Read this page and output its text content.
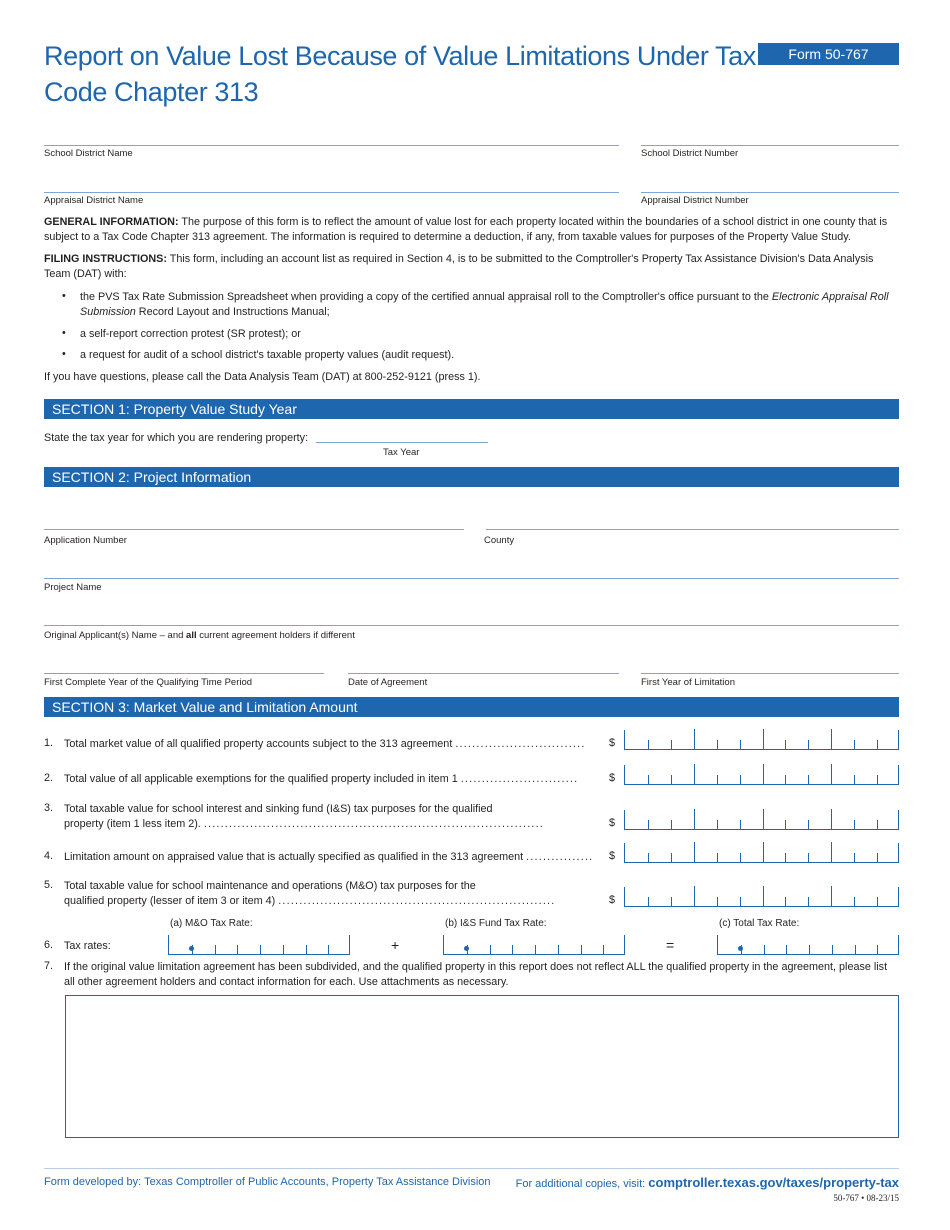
Report on Value Lost Because of Value Limitations Under Tax Code Chapter 313
Form 50-767
School District Name	School District Number
Appraisal District Name	Appraisal District Number
GENERAL INFORMATION: The purpose of this form is to reflect the amount of value lost for each property located within the boundaries of a school district in one county that is subject to a Tax Code Chapter 313 agreement. The information is required to determine a deduction, if any, from taxable values for purposes of the Property Value Study.
FILING INSTRUCTIONS: This form, including an account list as required in Section 4, is to be submitted to the Comptroller's Property Tax Assistance Division's Data Analysis Team (DAT) with:
• the PVS Tax Rate Submission Spreadsheet when providing a copy of the certified annual appraisal roll to the Comptroller's office pursuant to the Electronic Appraisal Roll Submission Record Layout and Instructions Manual;
• a self-report correction protest (SR protest); or
• a request for audit of a school district's taxable property values (audit request).
If you have questions, please call the Data Analysis Team (DAT) at 800-252-9121 (press 1).
SECTION 1: Property Value Study Year
State the tax year for which you are rendering property:
Tax Year
SECTION 2: Project Information
Application Number	County
Project Name
Original Applicant(s) Name – and all current agreement holders if different
First Complete Year of the Qualifying Time Period	Date of Agreement	First Year of Limitation
SECTION 3: Market Value and Limitation Amount
1. Total market value of all qualified property accounts subject to the 313 agreement ............................... $
2. Total value of all applicable exemptions for the qualified property included in item 1 ............................	$
3. Total taxable value for school interest and sinking fund (I&S) tax purposes for the qualified
property (item 1 less item 2). .................................................................................	$
4. Limitation amount on appraised value that is actually specified as qualified in the 313 agreement ................ $
5. Total taxable value for school maintenance and operations (M&O) tax purposes for the
qualified property (lesser of item 3 or item 4) ..................................................................	$
(a) M&O Tax Rate:	(b) I&S Fund Tax Rate:	(c) Total Tax Rate:
6. Tax rates:	+	=
7. If the original value limitation agreement has been subdivided, and the qualified property in this report does not reflect ALL the qualified property in the agreement, please list all other agreement holders and contact information for each. Use attachments as necessary.
Form developed by: Texas Comptroller of Public Accounts, Property Tax Assistance Division For additional copies, visit: comptroller.texas.gov/taxes/property-tax
50-767 • 08-23/15
